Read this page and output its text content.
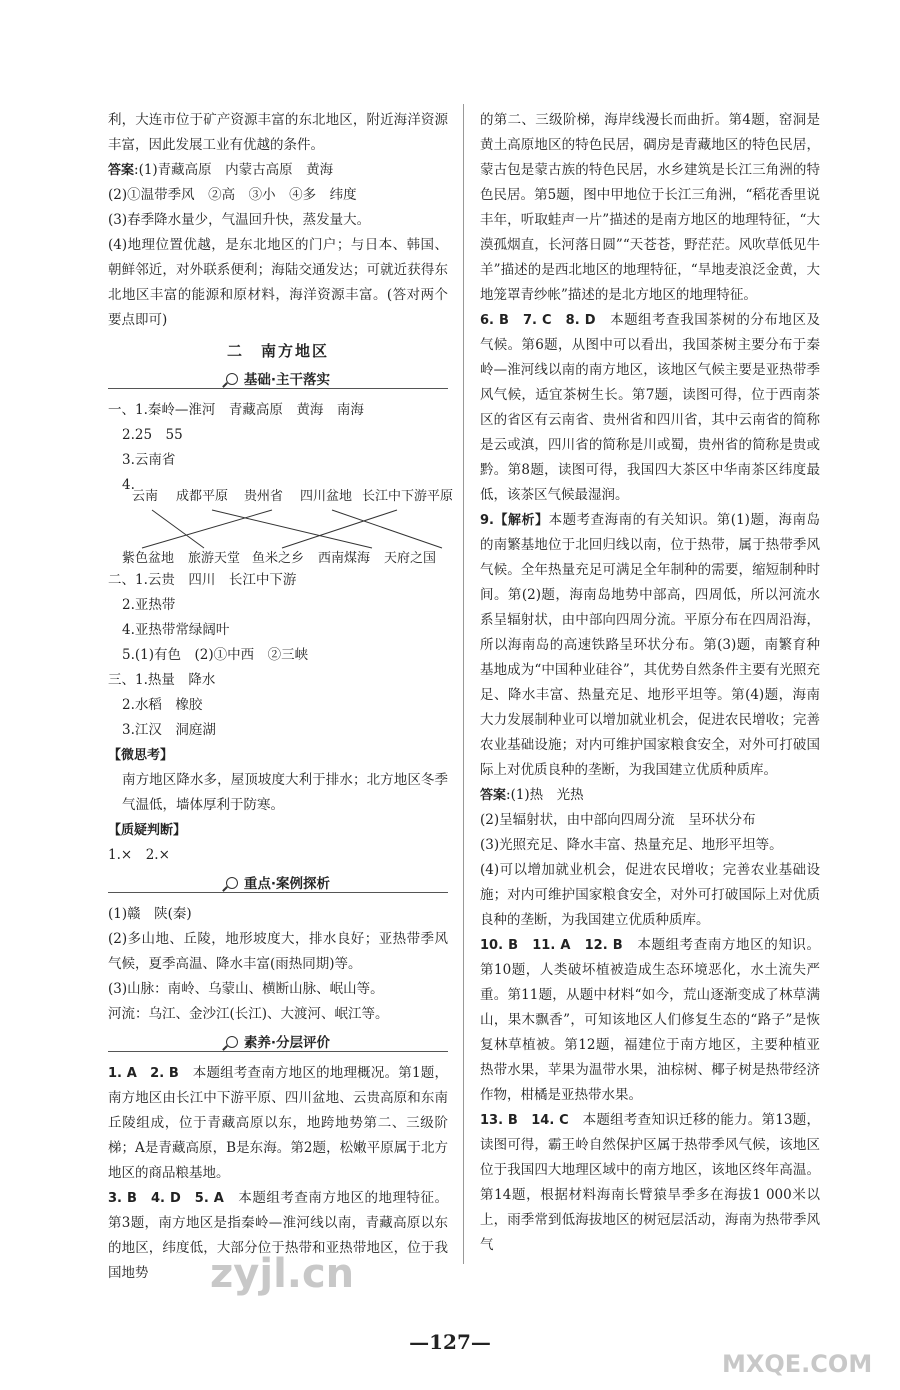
利，大连市位于矿产资源丰富的东北地区，附近海洋资源丰富，因此发展工业有优越的条件。

答案:(1)青藏高原　内蒙古高原　黄海

(2)①温带季风　②高　③小　④多　纬度

(3)春季降水量少，气温回升快，蒸发量大。

(4)地理位置优越，是东北地区的门户；与日本、韩国、朝鲜邻近，对外联系便利；海陆交通发达；可就近获得东北地区丰富的能源和原材料，海洋资源丰富。(答对两个要点即可)

二　南方地区
基础·主干落实

一、1.秦岭—淮河　青藏高原　黄海　南海

2.25　55

3.云南省

4.

云南 成都平原 贵州省 四川盆地 长江中下游平原
紫色盆地 旅游天堂 鱼米之乡 西南煤海 天府之国

二、1.云贵　四川　长江中下游

2.亚热带

4.亚热带常绿阔叶

5.(1)有色　(2)①中西　②三峡

三、1.热量　降水

2.水稻　橡胶

3.江汉　洞庭湖

【微思考】

南方地区降水多，屋顶坡度大利于排水；北方地区冬季气温低，墙体厚利于防寒。

【质疑判断】

1.×　2.×

重点·案例探析

(1)赣　陕(秦)

(2)多山地、丘陵，地形坡度大，排水良好；亚热带季风气候，夏季高温、降水丰富(雨热同期)等。

(3)山脉：南岭、乌蒙山、横断山脉、岷山等。

河流：乌江、金沙江(长江)、大渡河、岷江等。

素养·分层评价

1. A　2. B　 本题组考查南方地区的地理概况。第1题，南方地区由长江中下游平原、四川盆地、云贵高原和东南丘陵组成，位于青藏高原以东，地跨地势第二、三级阶梯；A是青藏高原，B是东海。第2题，松嫩平原属于北方地区的商品粮基地。

3. B　4. D　5. A　 本题组考查南方地区的地理特征。第3题，南方地区是指秦岭—淮河线以南，青藏高原以东的地区，纬度低，大部分位于热带和亚热带地区，位于我国地势

的第二、三级阶梯，海岸线漫长而曲折。第4题，窑洞是黄土高原地区的特色民居，碉房是青藏地区的特色民居，蒙古包是蒙古族的特色民居，水乡建筑是长江三角洲的特色民居。第5题，图中甲地位于长江三角洲，“稻花香里说丰年，听取蛙声一片”描述的是南方地区的地理特征，“大漠孤烟直，长河落日圆”“天苍苍，野茫茫。风吹草低见牛羊”描述的是西北地区的地理特征，“旱地麦浪泛金黄，大地笼罩青纱帐”描述的是北方地区的地理特征。

6. B　7. C　8. D　 本题组考查我国茶树的分布地区及气候。第6题，从图中可以看出，我国茶树主要分布于秦岭—淮河线以南的南方地区，该地区气候主要是亚热带季风气候，适宜茶树生长。第7题，读图可得，位于西南茶区的省区有云南省、贵州省和四川省，其中云南省的简称是云或滇，四川省的简称是川或蜀，贵州省的简称是贵或黔。第8题，读图可得，我国四大茶区中华南茶区纬度最低，该茶区气候最湿润。

9.【解析】本题考查海南的有关知识。第(1)题，海南岛的南繁基地位于北回归线以南，位于热带，属于热带季风气候。全年热量充足可满足全年制种的需要，缩短制种时间。第(2)题，海南岛地势中部高，四周低，所以河流水系呈辐射状，由中部向四周分流。平原分布在四周沿海，所以海南岛的高速铁路呈环状分布。第(3)题，南繁育种基地成为“中国种业硅谷”，其优势自然条件主要有光照充足、降水丰富、热量充足、地形平坦等。第(4)题，海南大力发展制种业可以增加就业机会，促进农民增收；完善农业基础设施；对内可维护国家粮食安全，对外可打破国际上对优质良种的垄断，为我国建立优质种质库。

答案:(1)热　光热

(2)呈辐射状，由中部向四周分流　呈环状分布

(3)光照充足、降水丰富、热量充足、地形平坦等。

(4)可以增加就业机会，促进农民增收；完善农业基础设施；对内可维护国家粮食安全，对外可打破国际上对优质良种的垄断，为我国建立优质种质库。

10. B　11. A　12. B　 本题组考查南方地区的知识。第10题，人类破坏植被造成生态环境恶化，水土流失严重。第11题，从题中材料“如今，荒山逐渐变成了林草满山，果木飘香”，可知该地区人们修复生态的“路子”是恢复林草植被。第12题，福建位于南方地区，主要种植亚热带水果，苹果为温带水果，油棕树、椰子树是热带经济作物，柑橘是亚热带水果。

13. B　14. C　 本题组考查知识迁移的能力。第13题，读图可得，霸王岭自然保护区属于热带季风气候，该地区位于我国四大地理区域中的南方地区，该地区终年高温。第14题，根据材料海南长臂猿旱季多在海拔1 000米以上，雨季常到低海拔地区的树冠层活动，海南为热带季风气

—127—
zyjl.cn
MXQE.COM
